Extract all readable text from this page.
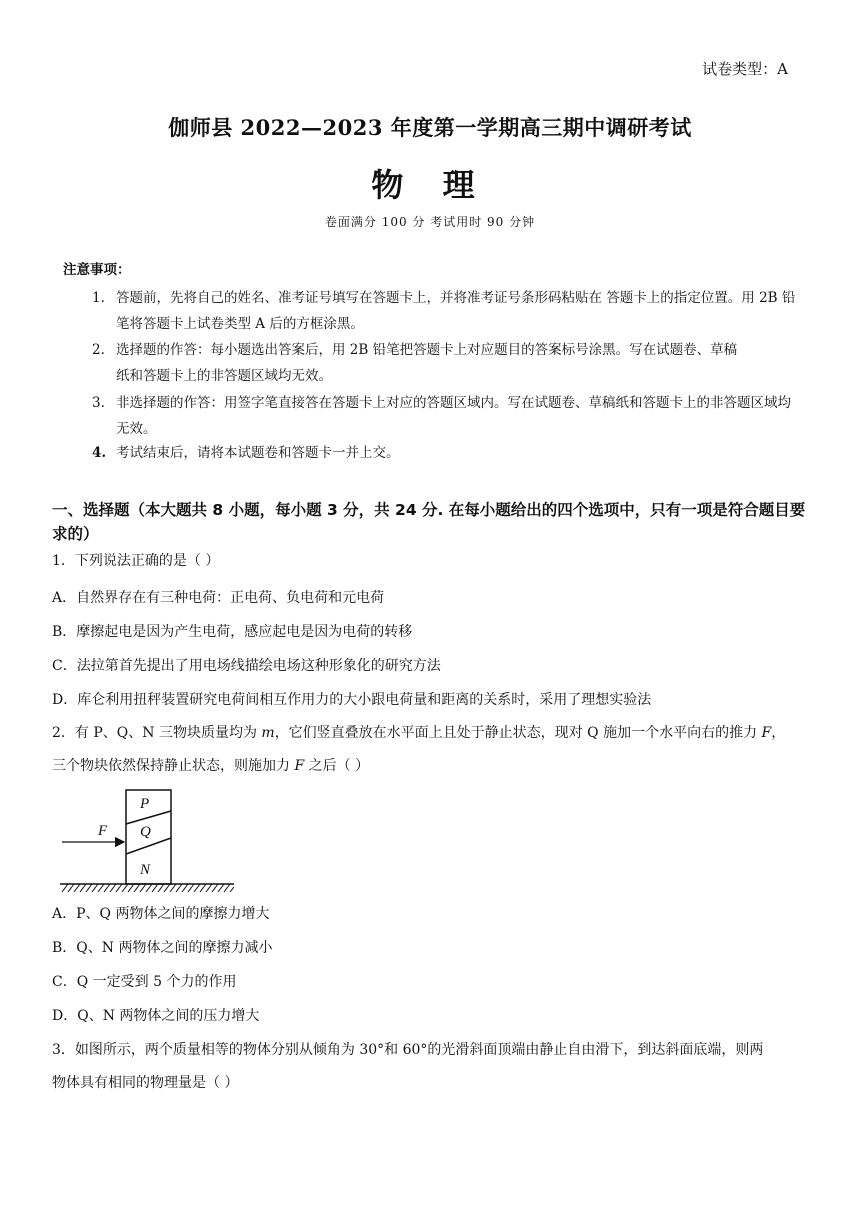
试卷类型：A
伽师县 2022—2023 年度第一学期高三期中调研考试
物 理
卷面满分 100 分 考试用时 90 分钟
注意事项：
1. 答题前，先将自己的姓名、准考证号填写在答题卡上，并将准考证号条形码粘贴在 答题卡上的指定位置。用 2B 铅
笔将答题卡上试卷类型 A 后的方框涂黑。
2. 选择题的作答：每小题选出答案后，用 2B 铅笔把答题卡上对应题目的答案标号涂黑。写在试题卷、草稿
纸和答题卡上的非答题区域均无效。
3. 非选择题的作答：用签字笔直接答在答题卡上对应的答题区域内。写在试题卷、草稿纸和答题卡上的非答题区域均
无效。
4. 考试结束后，请将本试题卷和答题卡一并上交。
一、选择题（本大题共 8 小题，每小题 3 分，共 24 分. 在每小题给出的四个选项中，只有一项是符合题目要求的）
1．下列说法正确的是（ ）
A．自然界存在有三种电荷：正电荷、负电荷和元电荷
B．摩擦起电是因为产生电荷，感应起电是因为电荷的转移
C．法拉第首先提出了用电场线描绘电场这种形象化的研究方法
D．库仑利用扭秤装置研究电荷间相互作用力的大小跟电荷量和距离的关系时，采用了理想实验法
2．有 P、Q、N 三物块质量均为 m，它们竖直叠放在水平面上且处于静止状态，现对 Q 施加一个水平向右的推力 F，
三个物块依然保持静止状态，则施加力 F 之后（ ）
P
Q
N
F
A．P、Q 两物体之间的摩擦力增大
B．Q、N 两物体之间的摩擦力减小
C．Q 一定受到 5 个力的作用
D．Q、N 两物体之间的压力增大
3．如图所示，两个质量相等的物体分别从倾角为 30°和 60°的光滑斜面顶端由静止自由滑下，到达斜面底端，则两
物体具有相同的物理量是（ ）
